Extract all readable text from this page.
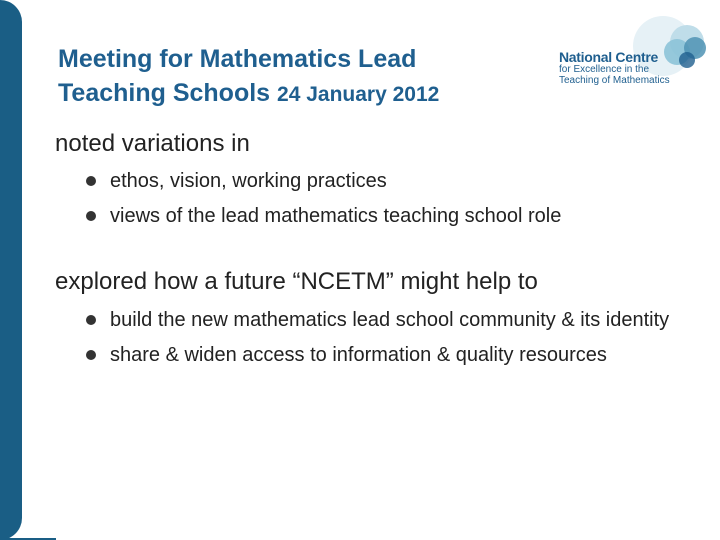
Meeting for Mathematics Lead Teaching Schools 24 January 2012
National Centre
for Excellence in the
Teaching of Mathematics
noted variations in
ethos, vision, working practices
views of the lead mathematics teaching school role
explored how a future “NCETM” might help to
build the new mathematics lead school community & its identity
share & widen access to information & quality resources
